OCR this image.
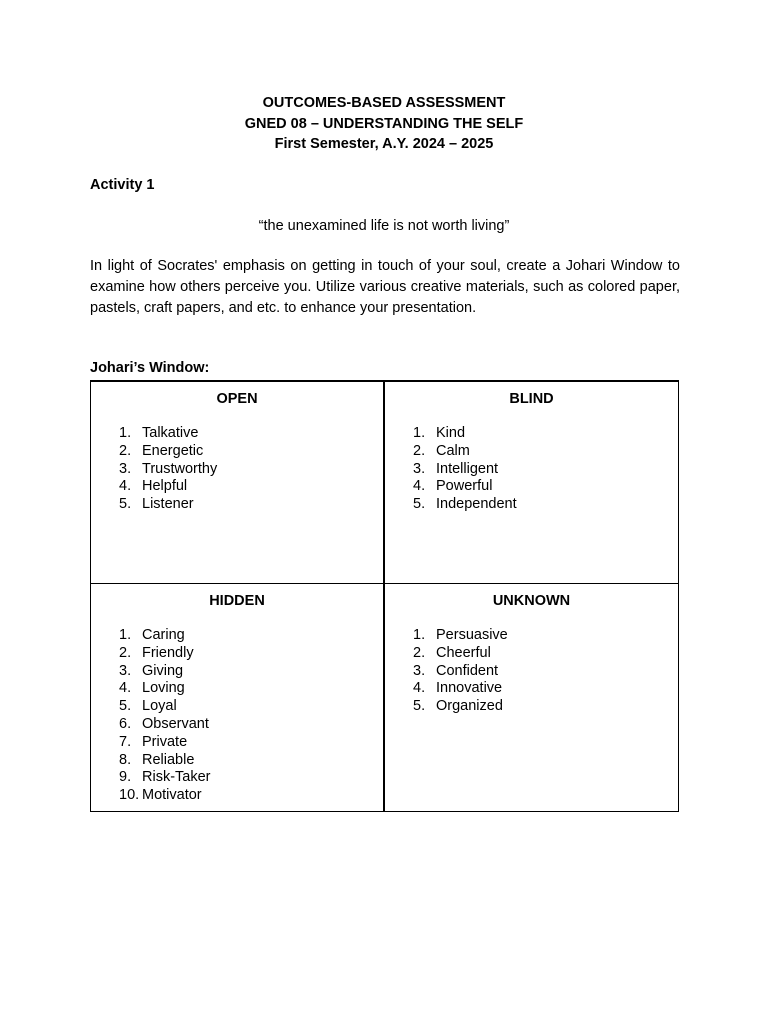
OUTCOMES-BASED ASSESSMENT
GNED 08 – UNDERSTANDING THE SELF
First Semester, A.Y. 2024 – 2025
Activity 1
“the unexamined life is not worth living”
In light of Socrates' emphasis on getting in touch of your soul, create a Johari Window to examine how others perceive you. Utilize various creative materials, such as colored paper, pastels, craft papers, and etc. to enhance your presentation.
Johari’s Window:
OPEN
1. Talkative
2. Energetic
3. Trustworthy
4. Helpful
5. Listener
BLIND
1. Kind
2. Calm
3. Intelligent
4. Powerful
5. Independent
HIDDEN
1. Caring
2. Friendly
3. Giving
4. Loving
5. Loyal
6. Observant
7. Private
8. Reliable
9. Risk-Taker
10. Motivator
UNKNOWN
1. Persuasive
2. Cheerful
3. Confident
4. Innovative
5. Organized
